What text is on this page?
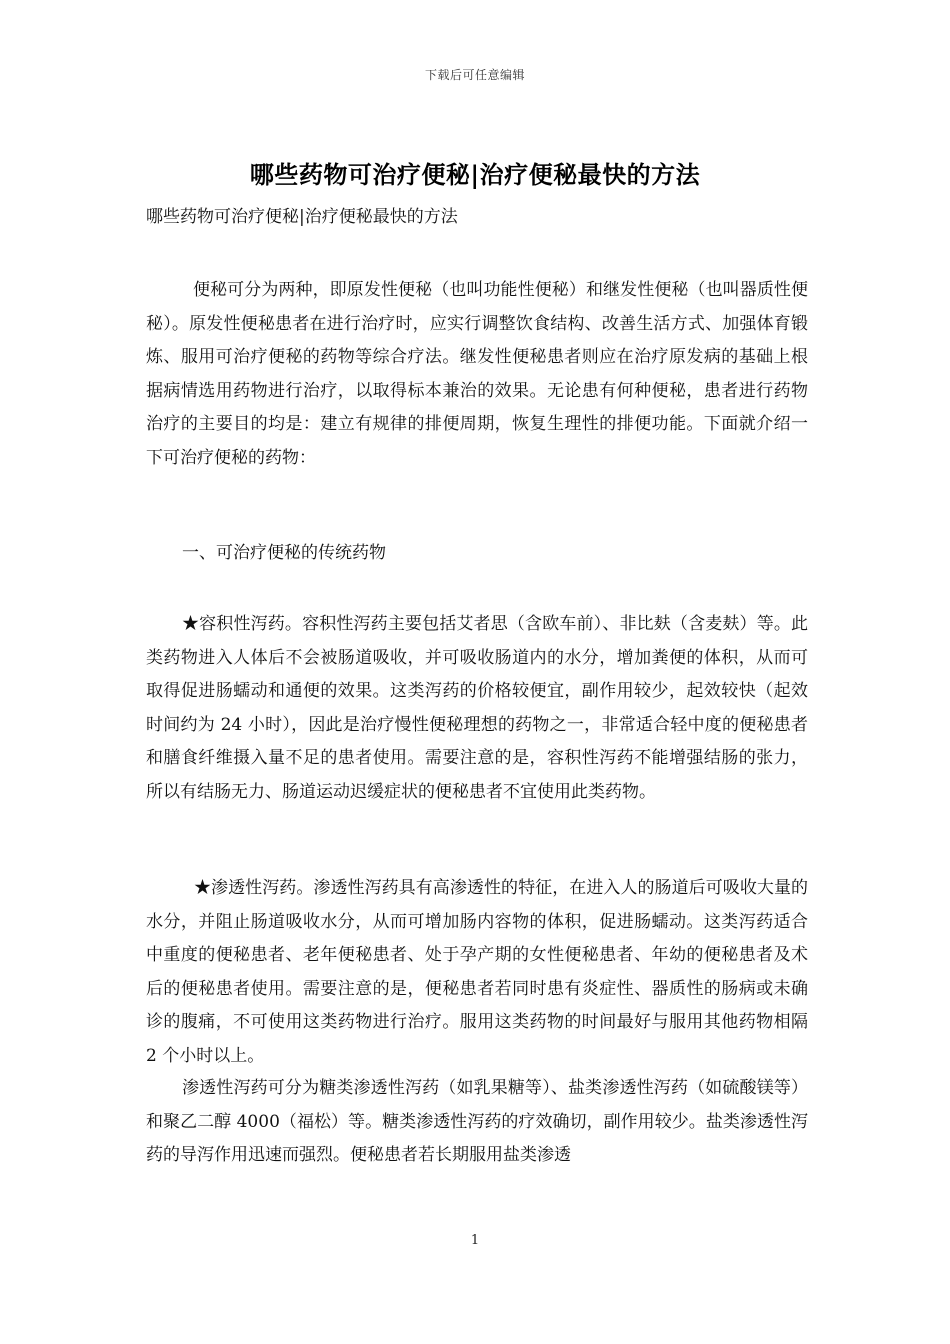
下载后可任意编辑
哪些药物可治疗便秘|治疗便秘最快的方法
哪些药物可治疗便秘|治疗便秘最快的方法
便秘可分为两种，即原发性便秘（也叫功能性便秘）和继发性便秘（也叫器质性便秘）。原发性便秘患者在进行治疗时，应实行调整饮食结构、改善生活方式、加强体育锻炼、服用可治疗便秘的药物等综合疗法。继发性便秘患者则应在治疗原发病的基础上根据病情选用药物进行治疗，以取得标本兼治的效果。无论患有何种便秘，患者进行药物治疗的主要目的均是：建立有规律的排便周期，恢复生理性的排便功能。下面就介绍一下可治疗便秘的药物：
一、可治疗便秘的传统药物
★容积性泻药。容积性泻药主要包括艾者思（含欧车前）、非比麸（含麦麸）等。此类药物进入人体后不会被肠道吸收，并可吸收肠道内的水分，增加粪便的体积，从而可取得促进肠蠕动和通便的效果。这类泻药的价格较便宜，副作用较少，起效较快（起效时间约为 24 小时），因此是治疗慢性便秘理想的药物之一，非常适合轻中度的便秘患者和膳食纤维摄入量不足的患者使用。需要注意的是，容积性泻药不能增强结肠的张力，所以有结肠无力、肠道运动迟缓症状的便秘患者不宜使用此类药物。
★渗透性泻药。渗透性泻药具有高渗透性的特征，在进入人的肠道后可吸收大量的水分，并阻止肠道吸收水分，从而可增加肠内容物的体积，促进肠蠕动。这类泻药适合中重度的便秘患者、老年便秘患者、处于孕产期的女性便秘患者、年幼的便秘患者及术后的便秘患者使用。需要注意的是，便秘患者若同时患有炎症性、器质性的肠病或未确诊的腹痛，不可使用这类药物进行治疗。服用这类药物的时间最好与服用其他药物相隔 2 个小时以上。
渗透性泻药可分为糖类渗透性泻药（如乳果糖等）、盐类渗透性泻药（如硫酸镁等）和聚乙二醇 4000（福松）等。糖类渗透性泻药的疗效确切，副作用较少。盐类渗透性泻药的导泻作用迅速而强烈。便秘患者若长期服用盐类渗透
1
